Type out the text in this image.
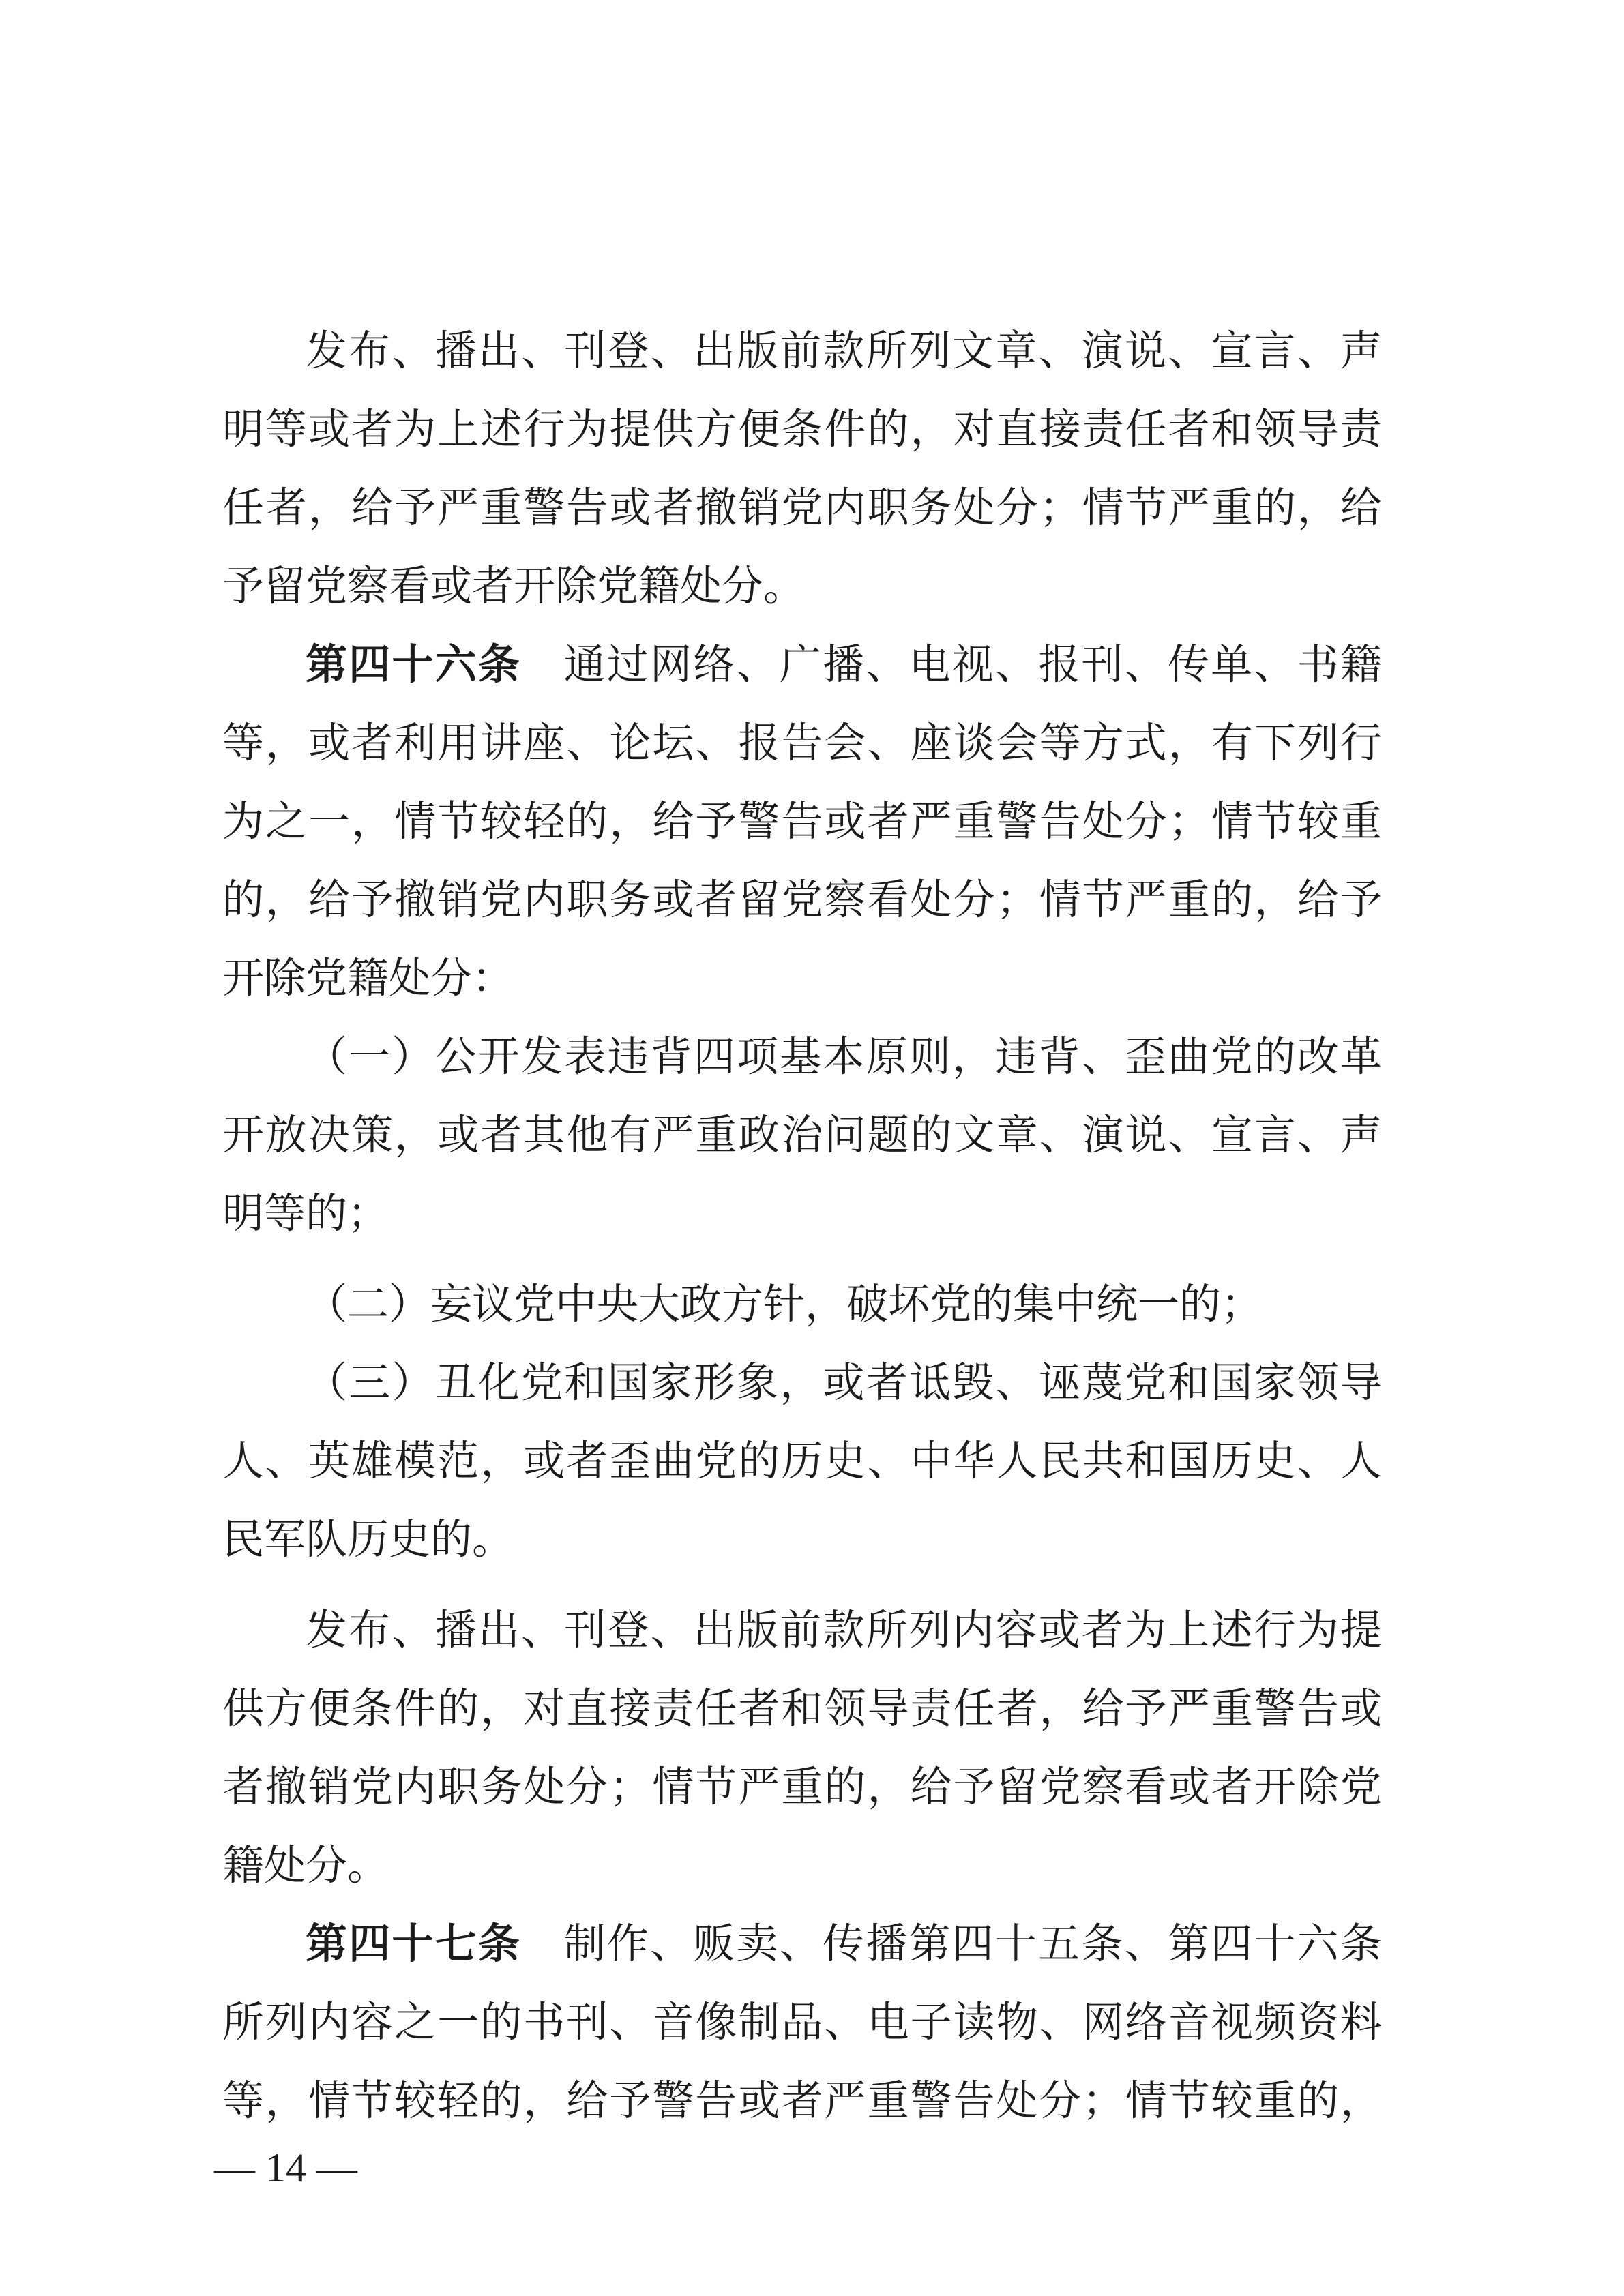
发布、播出、刊登、出版前款所列文章、演说、宣言、声
明等或者为上述行为提供方便条件的，对直接责任者和领导责
任者，给予严重警告或者撤销党内职务处分；情节严重的，给
予留党察看或者开除党籍处分。
第四十六条 通过网络、广播、电视、报刊、传单、书籍
等，或者利用讲座、论坛、报告会、座谈会等方式，有下列行
为之一，情节较轻的，给予警告或者严重警告处分；情节较重
的，给予撤销党内职务或者留党察看处分；情节严重的，给予
开除党籍处分：
（一）公开发表违背四项基本原则，违背、歪曲党的改革
开放决策，或者其他有严重政治问题的文章、演说、宣言、声
明等的；
（二）妄议党中央大政方针，破坏党的集中统一的；
（三）丑化党和国家形象，或者诋毁、诬蔑党和国家领导
人、英雄模范，或者歪曲党的历史、中华人民共和国历史、人
民军队历史的。
发布、播出、刊登、出版前款所列内容或者为上述行为提
供方便条件的，对直接责任者和领导责任者，给予严重警告或
者撤销党内职务处分；情节严重的，给予留党察看或者开除党
籍处分。
第四十七条 制作、贩卖、传播第四十五条、第四十六条
所列内容之一的书刊、音像制品、电子读物、网络音视频资料
等，情节较轻的，给予警告或者严重警告处分；情节较重的，
— 14 —
